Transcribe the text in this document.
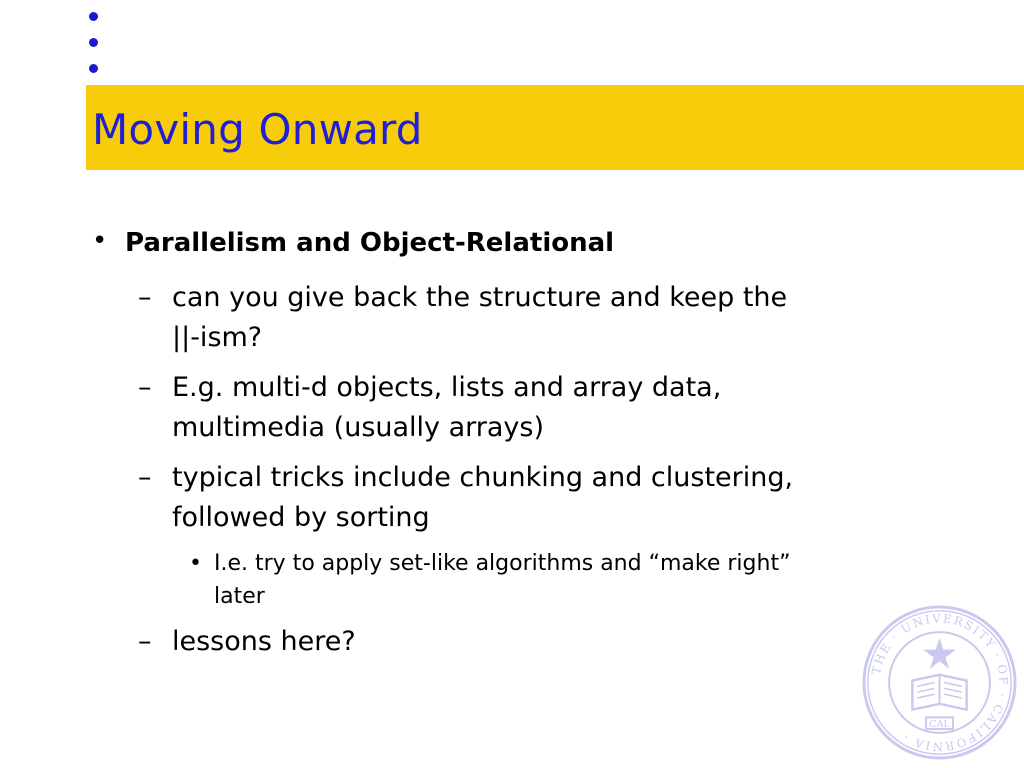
Moving Onward
• Parallelism and Object-Relational
– can you give back the structure and keep the
||-ism?
– E.g. multi-d objects, lists and array data,
multimedia (usually arrays)
– typical tricks include chunking and clustering,
followed by sorting
• I.e. try to apply set-like algorithms and “make right”
later
– lessons here?
THE · UNIVERSITY · OF · CALIFORNIA ·
CAL
